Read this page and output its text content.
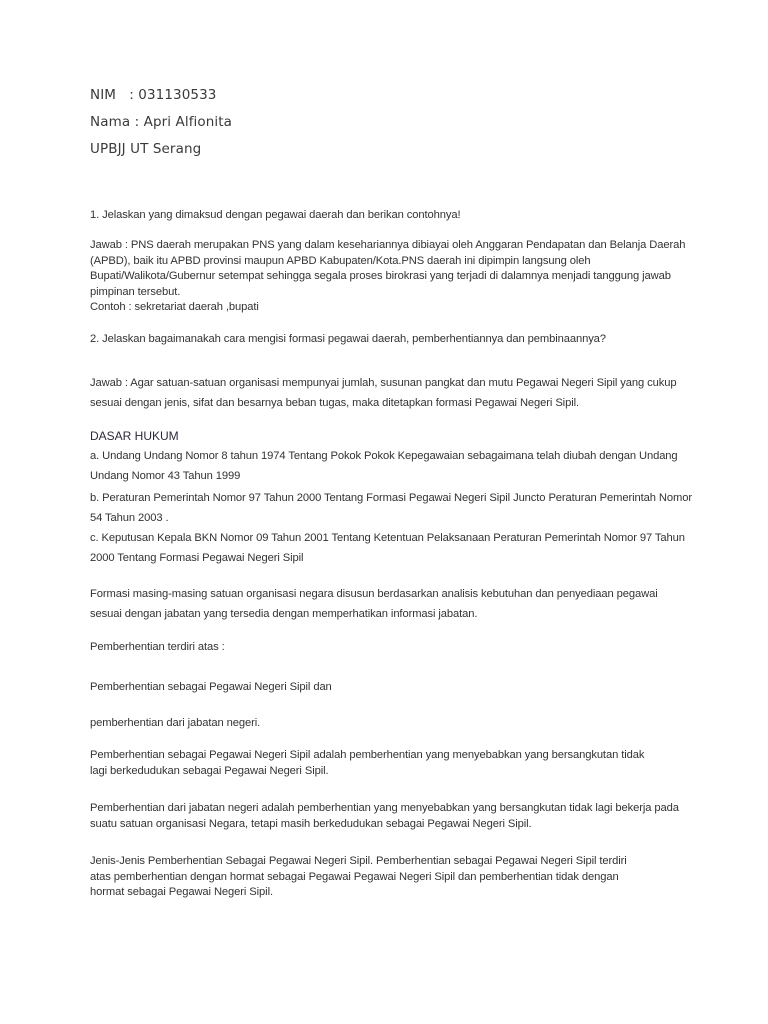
NIM : 031130533
Nama : Apri Alfionita
UPBJJ UT Serang
1. Jelaskan yang dimaksud dengan pegawai daerah dan berikan contohnya!

Jawab : PNS daerah merupakan PNS yang dalam kesehariannya dibiayai oleh Anggaran Pendapatan dan Belanja Daerah (APBD), baik itu APBD provinsi maupun APBD Kabupaten/Kota.PNS daerah ini dipimpin langsung oleh Bupati/Walikota/Gubernur setempat sehingga segala proses birokrasi yang terjadi di dalamnya menjadi tanggung jawab pimpinan tersebut.

Contoh : sekretariat daerah ,bupati

2. Jelaskan bagaimanakah cara mengisi formasi pegawai daerah, pemberhentiannya dan pembinaannya?
Jawab : Agar satuan-satuan organisasi mempunyai jumlah, susunan pangkat dan mutu Pegawai Negeri Sipil yang cukup sesuai dengan jenis, sifat dan besarnya beban tugas, maka ditetapkan formasi Pegawai Negeri Sipil.
DASAR HUKUM
a. Undang Undang Nomor 8 tahun 1974 Tentang Pokok Pokok Kepegawaian sebagaimana telah diubah dengan Undang Undang Nomor 43 Tahun 1999
b. Peraturan Pemerintah Nomor 97 Tahun 2000 Tentang Formasi Pegawai Negeri Sipil Juncto Peraturan Pemerintah Nomor 54 Tahun 2003 .
c. Keputusan Kepala BKN Nomor 09 Tahun 2001 Tentang Ketentuan Pelaksanaan Peraturan Pemerintah Nomor 97 Tahun 2000 Tentang Formasi Pegawai Negeri Sipil
Formasi masing-masing satuan organisasi negara disusun berdasarkan analisis kebutuhan dan penyediaan pegawai sesuai dengan jabatan yang tersedia dengan memperhatikan informasi jabatan.
Pemberhentian terdiri atas :
Pemberhentian sebagai Pegawai Negeri Sipil dan
pemberhentian dari jabatan negeri.
Pemberhentian sebagai Pegawai Negeri Sipil adalah pemberhentian yang menyebabkan yang bersangkutan tidak lagi berkedudukan sebagai Pegawai Negeri Sipil.
Pemberhentian dari jabatan negeri adalah pemberhentian yang menyebabkan yang bersangkutan tidak lagi bekerja pada suatu satuan organisasi Negara, tetapi masih berkedudukan sebagai Pegawai Negeri Sipil.
Jenis-Jenis Pemberhentian Sebagai Pegawai Negeri Sipil. Pemberhentian sebagai Pegawai Negeri Sipil terdiri atas pemberhentian dengan hormat sebagai Pegawai Pegawai Negeri Sipil dan pemberhentian tidak dengan hormat sebagai Pegawai Negeri Sipil.
